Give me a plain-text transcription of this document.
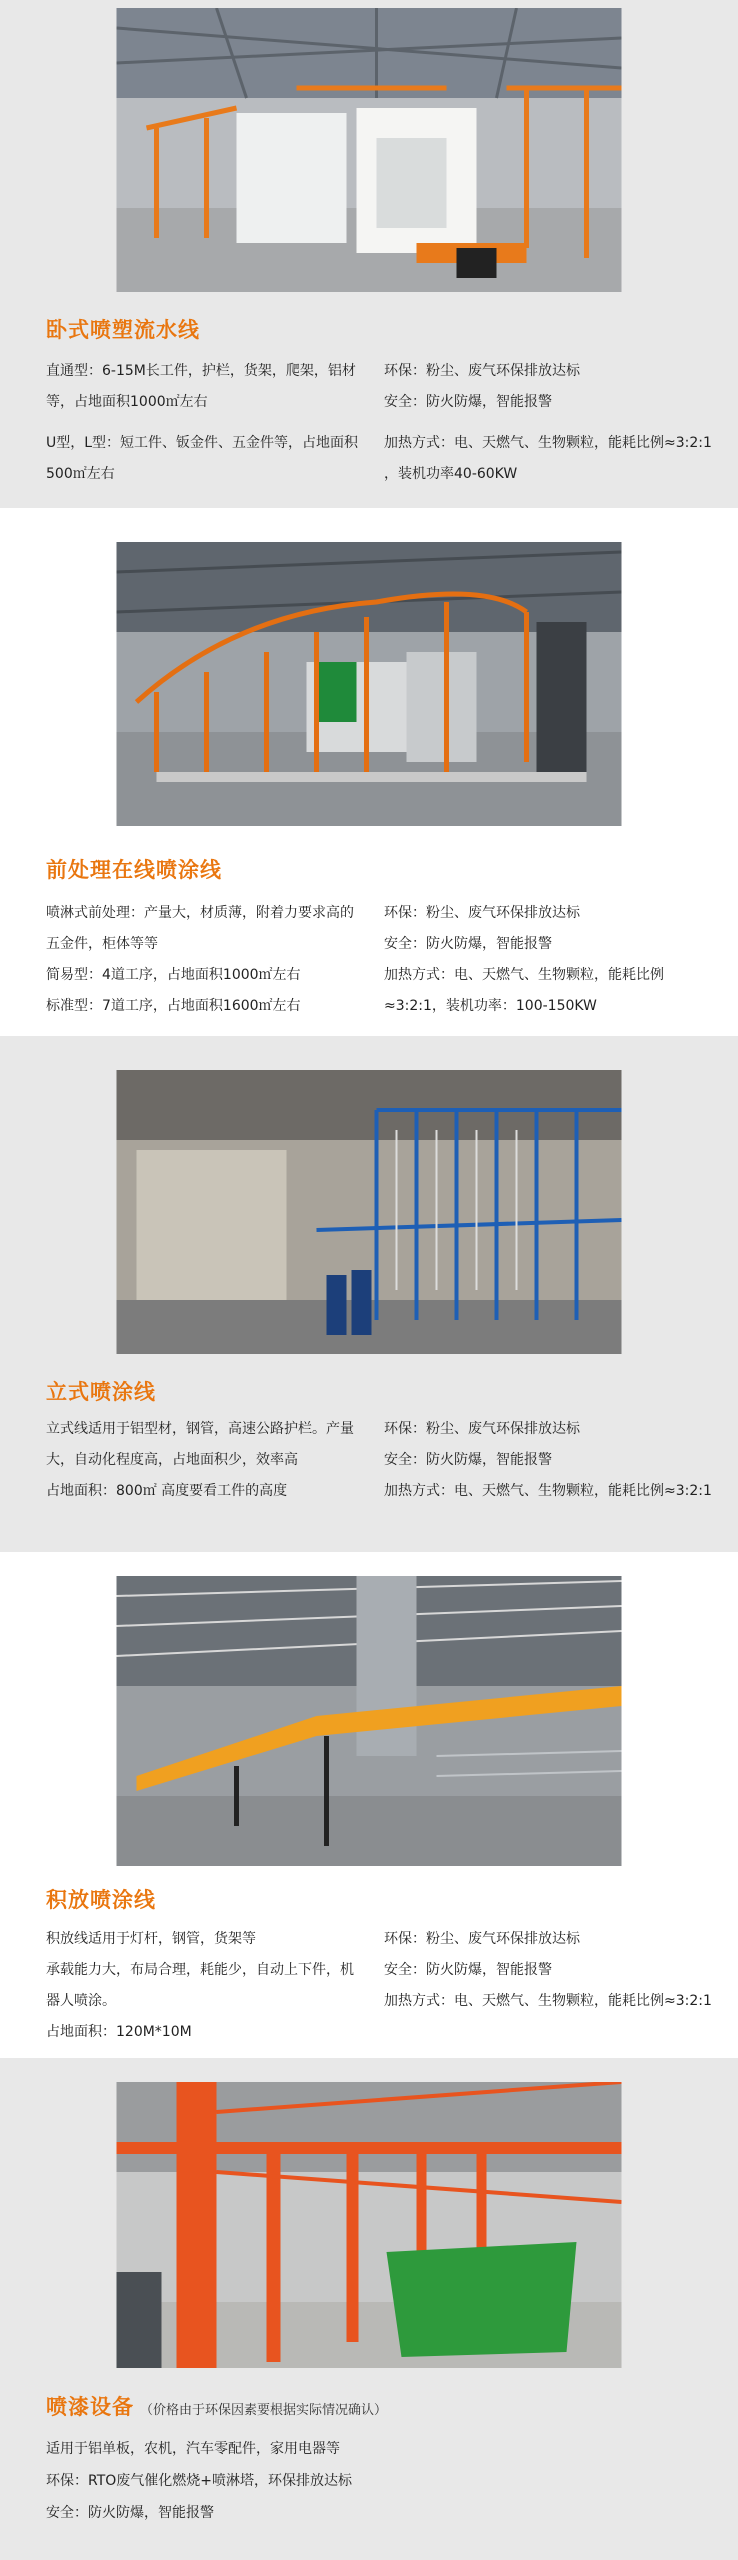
卧式喷塑流水线

直通型：6-15M长工件，护栏，货架，爬架，铝材等，占地面积1000㎡左右

U型，L型：短工件、钣金件、五金件等，占地面积500㎡左右

环保：粉尘、废气环保排放达标

安全：防火防爆，智能报警

加热方式：电、天燃气、生物颗粒，能耗比例≈3:2:1 ，装机功率40-60KW

前处理在线喷涂线

喷淋式前处理：产量大，材质薄，附着力要求高的五金件，柜体等等

简易型：4道工序，占地面积1000㎡左右

标准型：7道工序，占地面积1600㎡左右

环保：粉尘、废气环保排放达标

安全：防火防爆，智能报警

加热方式：电、天燃气、生物颗粒，能耗比例≈3:2:1，装机功率：100-150KW

立式喷涂线

立式线适用于铝型材，钢管，高速公路护栏。产量大，自动化程度高，占地面积少，效率高

占地面积：800㎡ 高度要看工件的高度

环保：粉尘、废气环保排放达标

安全：防火防爆，智能报警

加热方式：电、天燃气、生物颗粒，能耗比例≈3:2:1

积放喷涂线

积放线适用于灯杆，钢管，货架等

承载能力大，布局合理，耗能少，自动上下件，机器人喷涂。

占地面积：120M*10M

环保：粉尘、废气环保排放达标

安全：防火防爆，智能报警

加热方式：电、天燃气、生物颗粒，能耗比例≈3:2:1

喷漆设备 （价格由于环保因素要根据实际情况确认）

适用于铝单板，农机，汽车零配件，家用电器等

环保：RTO废气催化燃烧+喷淋塔，环保排放达标

安全：防火防爆，智能报警
